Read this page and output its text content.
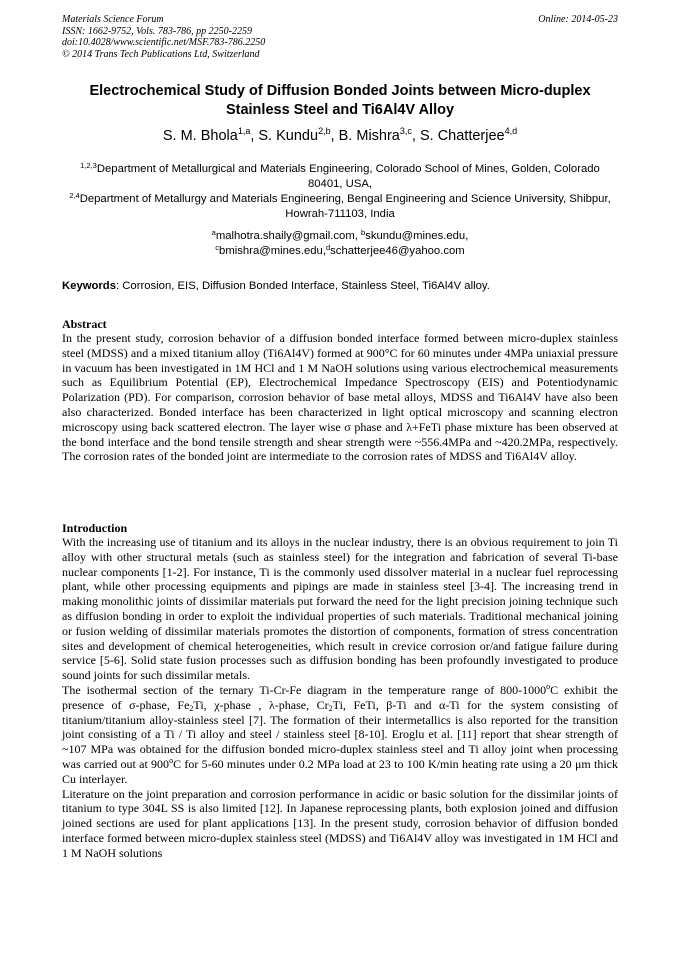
Materials Science Forum
ISSN: 1662-9752, Vols. 783-786, pp 2250-2259
doi:10.4028/www.scientific.net/MSF.783-786.2250
© 2014 Trans Tech Publications Ltd, Switzerland
Online: 2014-05-23
Electrochemical Study of Diffusion Bonded Joints between Micro-duplex Stainless Steel and Ti6Al4V Alloy
S. M. Bhola$^{1,a}$, S. Kundu$^{2,b}$, B. Mishra$^{3,c}$, S. Chatterjee$^{4,d}$
$^{1,2,3}$Department of Metallurgical and Materials Engineering, Colorado School of Mines, Golden, Colorado 80401, USA,
$^{2,4}$Department of Metallurgy and Materials Engineering, Bengal Engineering and Science University, Shibpur, Howrah-711103, India
$^a$malhotra.shaily@gmail.com, $^b$skundu@mines.edu,
$^c$bmishra@mines.edu,$^d$schatterjee46@yahoo.com
Keywords: Corrosion, EIS, Diffusion Bonded Interface, Stainless Steel, Ti6Al4V alloy.
Abstract

In the present study, corrosion behavior of a diffusion bonded interface formed between micro-duplex stainless steel (MDSS) and a mixed titanium alloy (Ti6Al4V) formed at 900°C for 60 minutes under 4MPa uniaxial pressure in vacuum has been investigated in 1M HCl and 1 M NaOH solutions using various electrochemical measurements such as Equilibrium Potential (EP), Electrochemical Impedance Spectroscopy (EIS) and Potentiodynamic Polarization (PD). For comparison, corrosion behavior of base metal alloys, MDSS and Ti6Al4V have also been also characterized. Bonded interface has been characterized in light optical microscopy and scanning electron microscopy using back scattered electron. The layer wise σ phase and λ+FeTi phase mixture has been observed at the bond interface and the bond tensile strength and shear strength were ~556.4MPa and ~420.2MPa, respectively. The corrosion rates of the bonded joint are intermediate to the corrosion rates of MDSS and Ti6Al4V alloy.

Introduction

With the increasing use of titanium and its alloys in the nuclear industry, there is an obvious requirement to join Ti alloy with other structural metals (such as stainless steel) for the integration and fabrication of several Ti-base nuclear components [1-2]. For instance, Ti is the commonly used dissolver material in a nuclear fuel reprocessing plant, while other processing equipments and pipings are made in stainless steel [3-4]. The increasing trend in making monolithic joints of dissimilar materials put forward the need for the light precision joining technique such as diffusion bonding in order to exploit the individual properties of such materials. Traditional mechanical joining or fusion welding of dissimilar materials promotes the distortion of components, formation of stress concentration sites and development of chemical heterogeneities, which result in crevice corrosion or/and fatigue failure during service [5-6]. Solid state fusion processes such as diffusion bonding has been profoundly investigated to produce sound joints for such dissimilar metals.

The isothermal section of the ternary Ti-Cr-Fe diagram in the temperature range of 800-1000$^o$C exhibit the presence of σ-phase, $Fe_2Ti$, χ-phase , λ-phase, $Cr_2Ti$, FeTi, β-Ti and α-Ti for the system consisting of titanium/titanium alloy-stainless steel [7]. The formation of their intermetallics is also reported for the transition joint consisting of a Ti / Ti alloy and steel / stainless steel [8-10]. Eroglu et al. [11] report that shear strength of ~107 MPa was obtained for the diffusion bonded micro-duplex stainless steel and Ti alloy joint when processing was carried out at 900$^o$C for 5-60 minutes under 0.2 MPa load at 23 to 100 K/min heating rate using a 20 μm thick Cu interlayer.

Literature on the joint preparation and corrosion performance in acidic or basic solution for the dissimilar joints of titanium to type 304L SS is also limited [12]. In Japanese reprocessing plants, both explosion joined and diffusion joined sections are used for plant applications [13]. In the present study, corrosion behavior of diffusion bonded interface formed between micro-duplex stainless steel (MDSS) and Ti6Al4V alloy was investigated in 1M HCl and 1 M NaOH solutions
